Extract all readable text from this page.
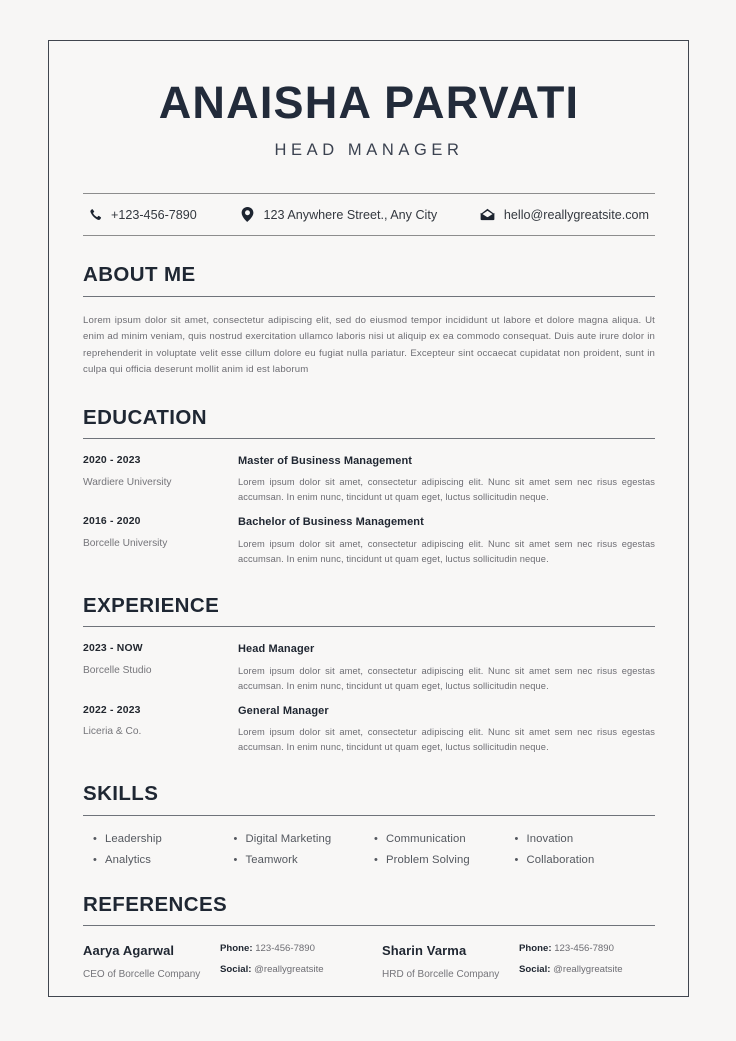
ANAISHA PARVATI
HEAD MANAGER
+123-456-7890	123 Anywhere Street., Any City	hello@reallygreatsite.com
ABOUT ME

Lorem ipsum dolor sit amet, consectetur adipiscing elit, sed do eiusmod tempor incididunt ut labore et dolore magna aliqua. Ut enim ad minim veniam, quis nostrud exercitation ullamco laboris nisi ut aliquip ex ea commodo consequat. Duis aute irure dolor in reprehenderit in voluptate velit esse cillum dolore eu fugiat nulla pariatur. Excepteur sint occaecat cupidatat non proident, sunt in culpa qui officia deserunt mollit anim id est laborum

EDUCATION
2020 - 2023
Wardiere University
Master of Business Management
Lorem ipsum dolor sit amet, consectetur adipiscing elit. Nunc sit amet sem nec risus egestas accumsan. In enim nunc, tincidunt ut quam eget, luctus sollicitudin neque.
2016 - 2020
Borcelle University
Bachelor of Business Management
Lorem ipsum dolor sit amet, consectetur adipiscing elit. Nunc sit amet sem nec risus egestas accumsan. In enim nunc, tincidunt ut quam eget, luctus sollicitudin neque.
EXPERIENCE
2023 - NOW
Borcelle Studio
Head Manager
Lorem ipsum dolor sit amet, consectetur adipiscing elit. Nunc sit amet sem nec risus egestas accumsan. In enim nunc, tincidunt ut quam eget, luctus sollicitudin neque.
2022 - 2023
Liceria & Co.
General Manager
Lorem ipsum dolor sit amet, consectetur adipiscing elit. Nunc sit amet sem nec risus egestas accumsan. In enim nunc, tincidunt ut quam eget, luctus sollicitudin neque.
SKILLS
• Leadership
• Analytics
• Digital Marketing
• Teamwork
• Communication
• Problem Solving
• Inovation
• Collaboration
REFERENCES
Aarya Agarwal
CEO of Borcelle Company
Phone: 123-456-7890
Social: @reallygreatsite
Sharin Varma
HRD of Borcelle Company
Phone: 123-456-7890
Social: @reallygreatsite
